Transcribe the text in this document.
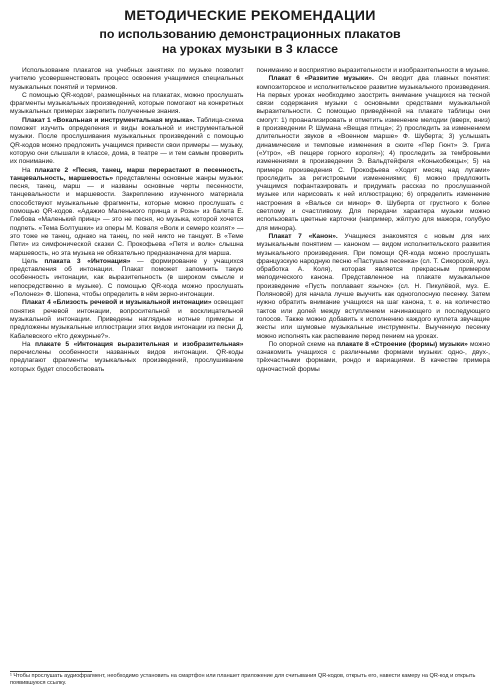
МЕТОДИЧЕСКИЕ РЕКОМЕНДАЦИИ

по использованию демонстрационных плакатов

на уроках музыки в 3 классе

Использование плакатов на учебных занятиях по музыке позволит учителю усовершенствовать процесс освоения учащимися специальных музыкальных понятий и терминов.

С помощью QR-кодов¹, размещённых на плакатах, можно прослушать фрагменты музыкальных произведений, которые помогают на конкретных музыкальных примерах закрепить полученные знания.

Плакат 1 «Вокальная и инструментальная музыка». Таблица-схема поможет изучить определения и виды вокальной и инструментальной музыки. После прослушивания музыкальных произведений с помощью QR-кодов можно предложить учащимся привести свои примеры — музыку, которую они слышали в классе, дома, в театре — и тем самым проверить их понимание.

На плакате 2 «Песня, танец, марш перерастают в песенность, танцевальность, маршевость» представлены основные жанры музыки: песня, танец, марш — и названы основные черты песенности, танцевальности и маршевости. Закреплению изученного материала способствуют музыкальные фрагменты, которые можно прослушать с помощью QR-кодов. «Адажио Маленького принца и Розы» из балета Е. Глебова «Маленький принц» — это не песня, но музыка, которой хочется подпеть. «Тема Болтушки» из оперы М. Коваля «Волк и семеро козлят» — это тоже не танец, однако на танец, по ней никто не танцует. В «Теме Пети» из симфонической сказки С. Прокофьева «Петя и волк» слышна маршевость, но эта музыка не обязательно предназначена для марша.

Цель плаката 3 «Интонация» — формирование у учащихся представления об интонации. Плакат поможет запомнить такую особенность интонации, как выразительность (в широком смысле и непосредственно в музыке). С помощью QR-кода можно прослушать «Полонез» Ф. Шопена, чтобы определить в нём зерно-интонации.

Плакат 4 «Близость речевой и музыкальной интонации» освещает понятия речевой интонации, вопросительной и восклицательной музыкальной интонации. Приведены наглядные нотные примеры и предложены музыкальные иллюстрации этих видов интонации из песни Д. Кабалевского «Кто дежурные?».

На плакате 5 «Интонация выразительная и изобразительная» перечислены особенности названных видов интонации. QR-коды предлагают фрагменты музыкальных произведений, прослушивание которых будет способствовать

пониманию и восприятию выразительности и изобразительности в музыке.

Плакат 6 «Развитие музыки». Он вводит два главных понятия: композиторское и исполнительское развитие музыкального произведения. На первых уроках необходимо заострить внимание учащихся на тесной связи содержания музыки с основными средствами музыкальной выразительности. С помощью приведённой на плакате таблицы они смогут: 1) проанализировать и отметить изменение мелодии (вверх, вниз) в произведении Р. Шумана «Вещая птица»; 2) проследить за изменением длительности звуков в «Военном марше» Ф. Шуберта; 3) услышать динамические и темповые изменения в сюите «Пер Гюнт» Э. Грига («Утро», «В пещере горного короля»); 4) проследить за тембровыми изменениями в произведении Э. Вальдтейфеля «Конькобежцы»; 5) на примере произведения С. Прокофьева «Ходит месяц над лугами» проследить за регистровыми изменениями; 6) можно предложить учащимся пофантазировать и придумать рассказ по прослушанной музыке или нарисовать к ней иллюстрацию; 6) определить изменение настроения в «Вальсе си минор» Ф. Шуберта от грустного к более светлому и счастливому. Для передачи характера музыки можно использовать цветные карточки (например, жёлтую для мажора, голубую для минора).

Плакат 7 «Канон». Учащиеся знакомятся с новым для них музыкальным понятием — каноном — видом исполнительского развития музыкального произведения. При помощи QR-кода можно прослушать французскую народную песню «Пастушья песенка» (сл. Т. Сикорской, муз. обработка А. Коля), которая является прекрасным примером мелодического канона. Представленное на плакате музыкальное произведение «Пусть поплавает язычок» (сл. Н. Пикулёвой, муз. Е. Поляновой) для начала лучше выучить как одноголосную песенку. Затем нужно обратить внимание учащихся на шаг канона, т. е. на количество тактов или долей между вступлением начинающего и последующего голосов. Также можно добавить к исполнению каждого куплета звучащие жесты или шумовые музыкальные инструменты. Выученную песенку можно исполнять как распевание перед пением на уроках.

По опорной схеме на плакате 8 «Строение (формы) музыки» можно ознакомить учащихся с различными формами музыки: одно-, двух-, трёхчастными формами, рондо и вариациями. В качестве примера одночастной формы

¹ Чтобы прослушать аудиофрагмент, необходимо установить на смартфон или планшет приложение для считывания QR-кодов, открыть его, навести камеру на QR-код и открыть появившуюся ссылку.
